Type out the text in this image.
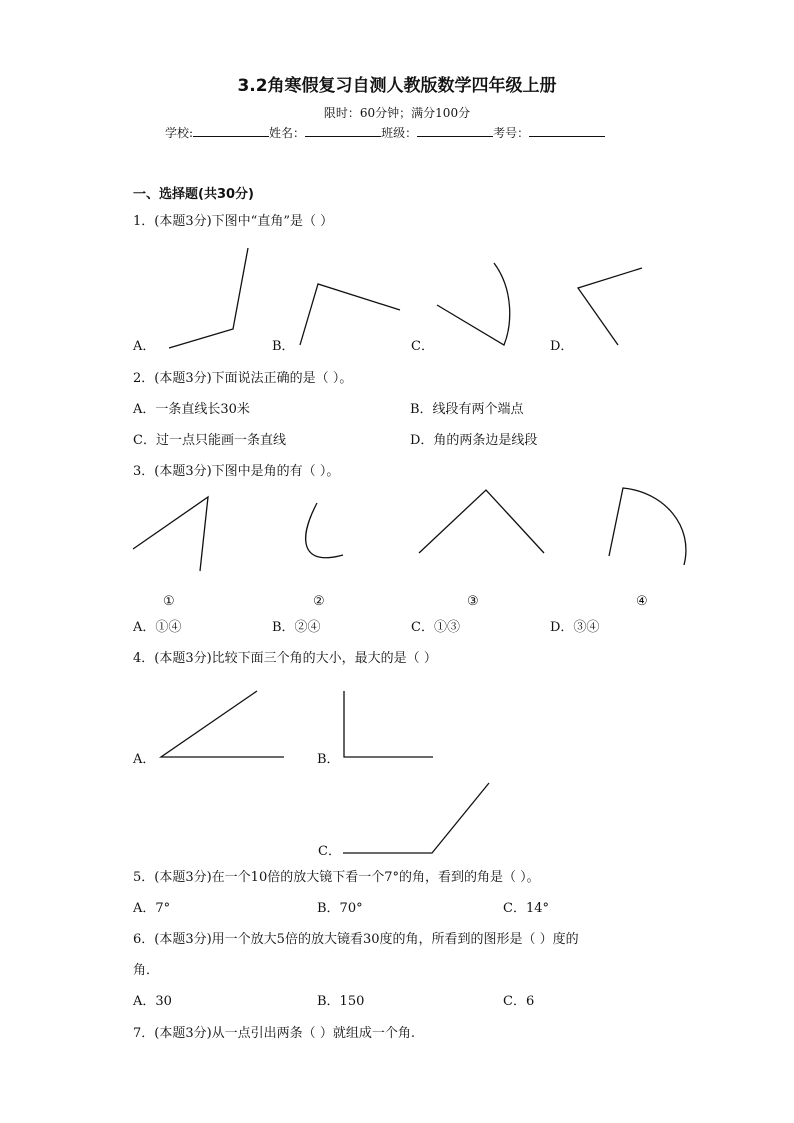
3.2角寒假复习自测人教版数学四年级上册
限时：60分钟；满分100分
学校:	姓名：	班级：	考号：
一、选择题(共30分)
1．(本题3分)下图中“直角”是（ ）
A．	B．	C．	D．
2．(本题3分)下面说法正确的是（ ）。
A．一条直线长30米	B．线段有两个端点
C．过一点只能画一条直线	D．角的两条边是线段
3．(本题3分)下图中是角的有（ ）。
①	②	③	④
A．①④	B．②④	C．①③	D．③④
4．(本题3分)比较下面三个角的大小，最大的是（ ）
A．	B．
C．
5．(本题3分)在一个10倍的放大镜下看一个7°的角，看到的角是（ ）。
A．7°	B．70°	C．14°
6．(本题3分)用一个放大5倍的放大镜看30度的角，所看到的图形是（ ）度的
角．
A．30	B．150	C．6
7．(本题3分)从一点引出两条（ ）就组成一个角.
